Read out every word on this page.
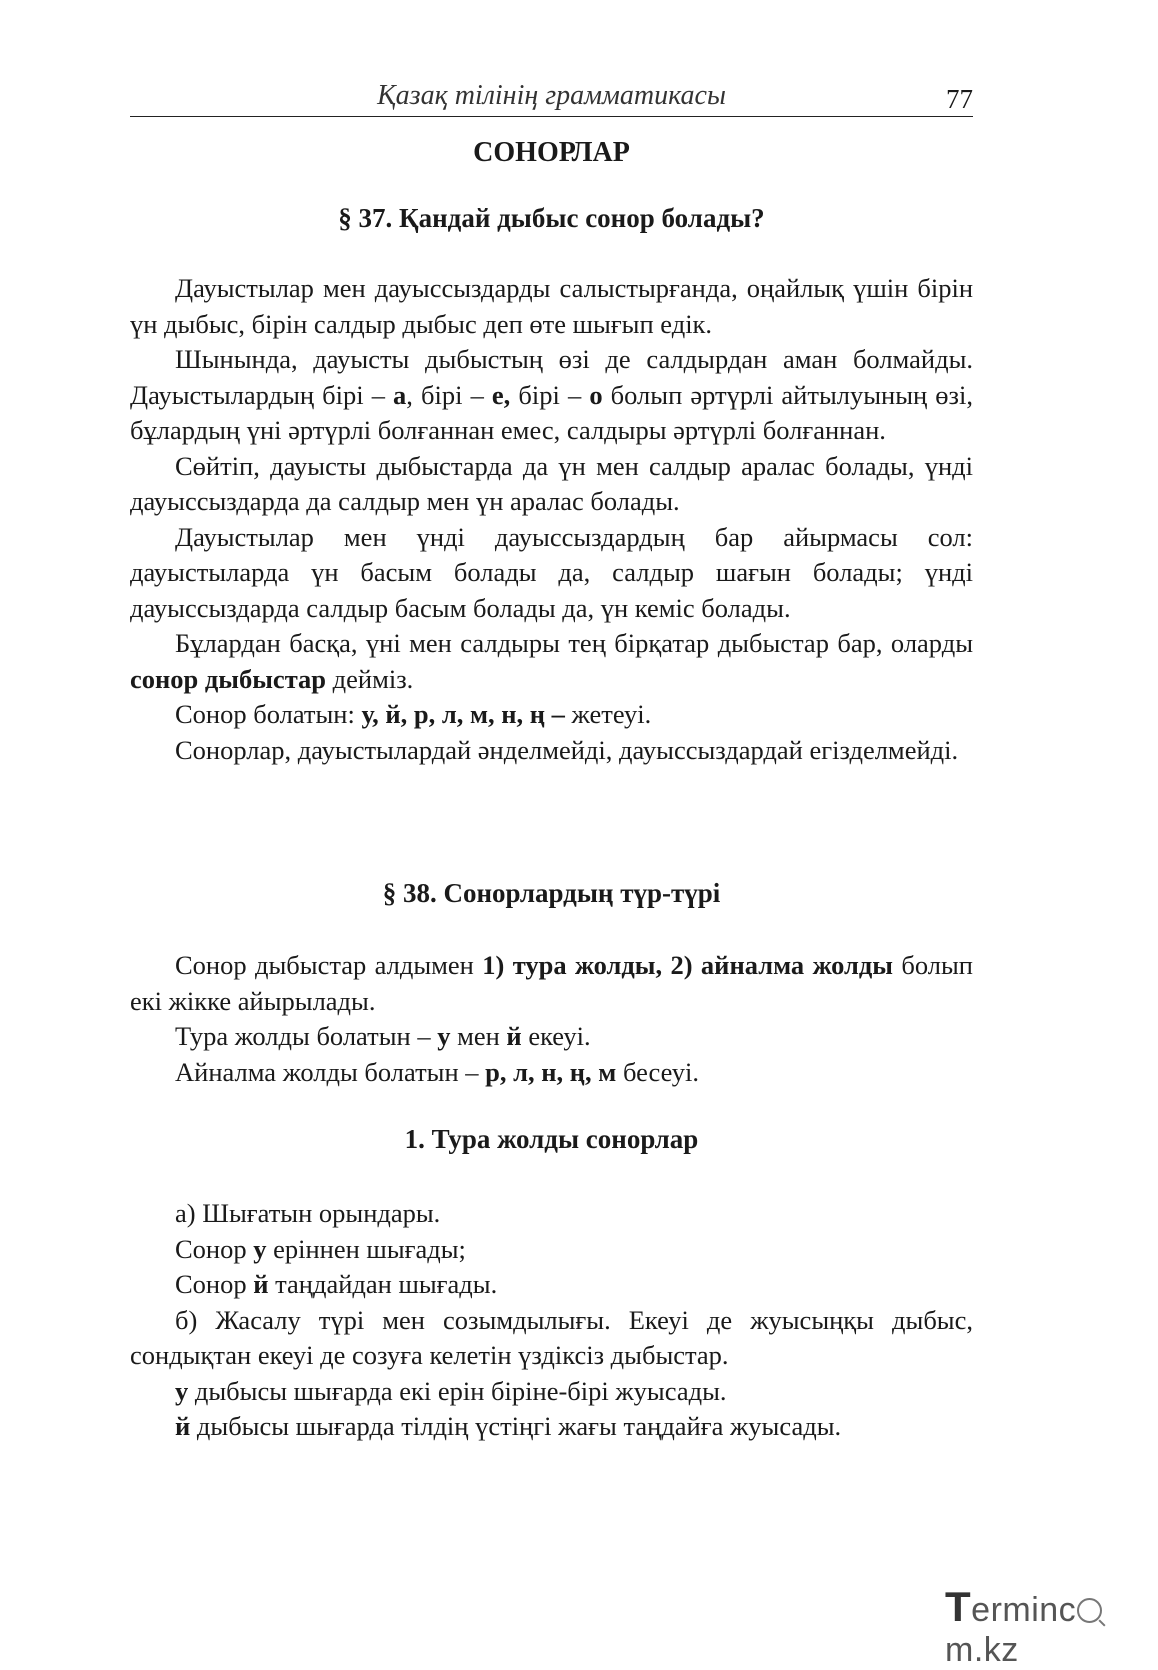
Қазақ тілінің грамматикасы	77
СОНОРЛАР
§ 37. Қандай дыбыс сонор болады?

Дауыстылар мен дауыссыздарды салыстырғанда, оңайлық үшін бірін үн дыбыс, бірін салдыр дыбыс деп өте шығып едік.

Шынында, дауысты дыбыстың өзі де салдырдан аман болмайды. Дауыстылардың бірі – а, бірі – е, бірі – о болып әртүрлі айтылуының өзі, бұлардың үні әртүрлі болғаннан емес, салдыры әртүрлі болғаннан.

Сөйтіп, дауысты дыбыстарда да үн мен салдыр аралас болады, үнді дауыссыздарда да салдыр мен үн аралас болады.

Дауыстылар мен үнді дауыссыздардың бар айырмасы сол: дауыстыларда үн басым болады да, салдыр шағын болады; үнді дауыссыздарда салдыр басым болады да, үн кеміс болады.

Бұлардан басқа, үні мен салдыры тең бірқатар дыбыстар бар, оларды сонор дыбыстар дейміз.

Сонор болатын: у, й, р, л, м, н, ң – жетеуі.

Сонорлар, дауыстылардай әнделмейді, дауыссыздардай егізделмейді.

§ 38. Сонорлардың түр-түрі

Сонор дыбыстар алдымен 1) тура жолды, 2) айналма жолды болып екі жікке айырылады.

Тура жолды болатын – у мен й екеуі.

Айналма жолды болатын – р, л, н, ң, м бесеуі.

1. Тура жолды сонорлар

а) Шығатын орындары.

Сонор у еріннен шығады;

Сонор й таңдайдан шығады.

б) Жасалу түрі мен созымдылығы. Екеуі де жуысыңқы дыбыс, сондықтан екеуі де созуға келетін үздіксіз дыбыстар.

у дыбысы шығарда екі ерін біріне-бірі жуысады.

й дыбысы шығарда тілдің үстіңгі жағы таңдайға жуысады.

Termincm.kz
